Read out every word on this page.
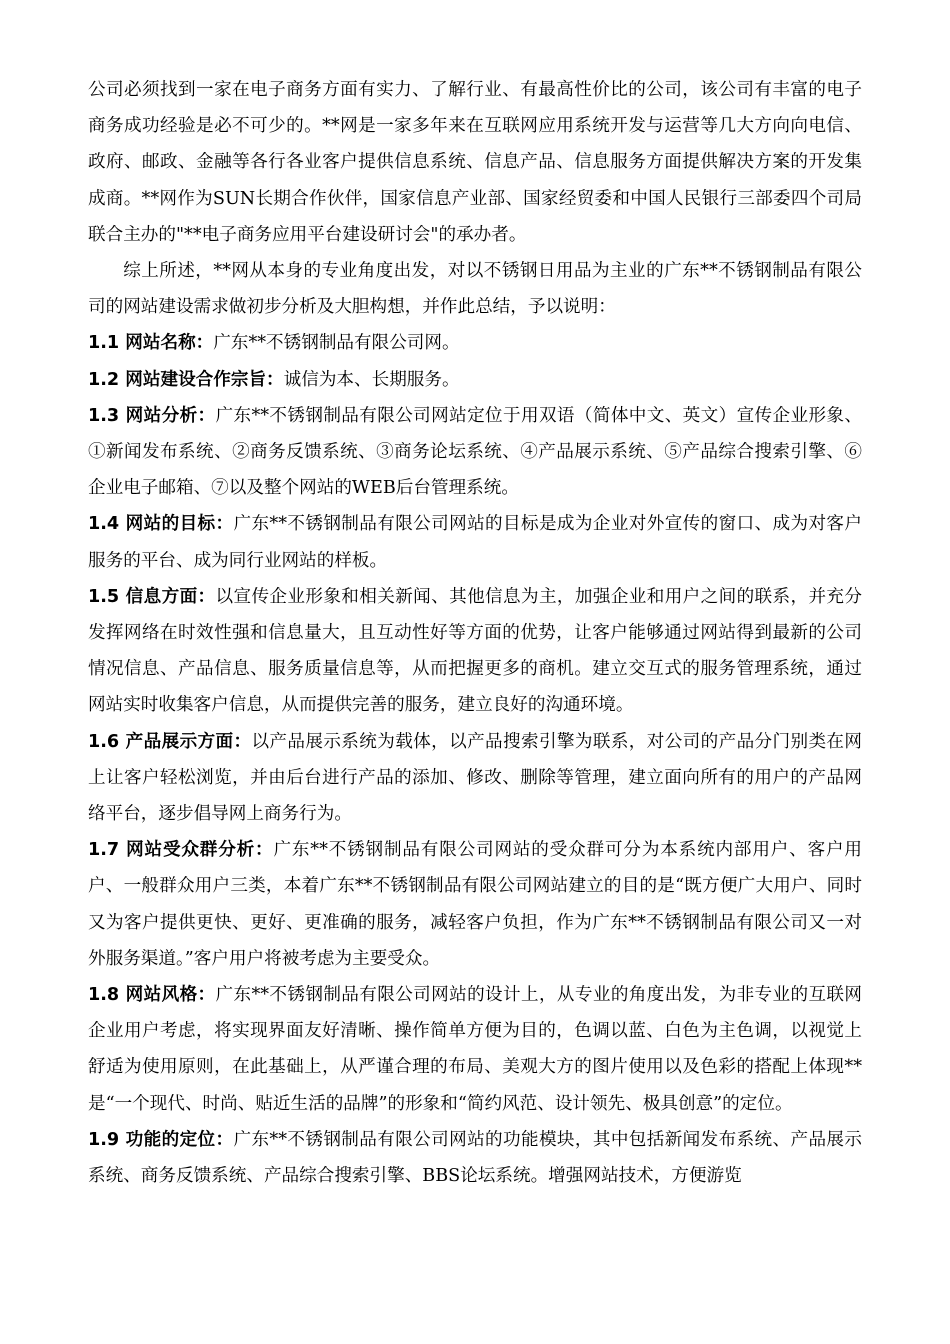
公司必须找到一家在电子商务方面有实力、了解行业、有最高性价比的公司，该公司有丰富的电子商务成功经验是必不可少的。**网是一家多年来在互联网应用系统开发与运营等几大方向向电信、政府、邮政、金融等各行各业客户提供信息系统、信息产品、信息服务方面提供解决方案的开发集成商。**网作为SUN长期合作伙伴，国家信息产业部、国家经贸委和中国人民银行三部委四个司局联合主办的"**电子商务应用平台建设研讨会"的承办者。

综上所述，**网从本身的专业角度出发，对以不锈钢日用品为主业的广东**不锈钢制品有限公司的网站建设需求做初步分析及大胆构想，并作此总结，予以说明：

1.1 网站名称：广东**不锈钢制品有限公司网。

1.2 网站建设合作宗旨：诚信为本、长期服务。

1.3 网站分析：广东**不锈钢制品有限公司网站定位于用双语（简体中文、英文）宣传企业形象、①新闻发布系统、②商务反馈系统、③商务论坛系统、④产品展示系统、⑤产品综合搜索引擎、⑥企业电子邮箱、⑦以及整个网站的WEB后台管理系统。

1.4 网站的目标：广东**不锈钢制品有限公司网站的目标是成为企业对外宣传的窗口、成为对客户服务的平台、成为同行业网站的样板。

1.5 信息方面：以宣传企业形象和相关新闻、其他信息为主，加强企业和用户之间的联系，并充分发挥网络在时效性强和信息量大，且互动性好等方面的优势，让客户能够通过网站得到最新的公司情况信息、产品信息、服务质量信息等，从而把握更多的商机。建立交互式的服务管理系统，通过网站实时收集客户信息，从而提供完善的服务，建立良好的沟通环境。

1.6 产品展示方面：以产品展示系统为载体，以产品搜索引擎为联系，对公司的产品分门别类在网上让客户轻松浏览，并由后台进行产品的添加、修改、删除等管理，建立面向所有的用户的产品网络平台，逐步倡导网上商务行为。

1.7 网站受众群分析：广东**不锈钢制品有限公司网站的受众群可分为本系统内部用户、客户用户、一般群众用户三类，本着广东**不锈钢制品有限公司网站建立的目的是“既方便广大用户、同时又为客户提供更快、更好、更准确的服务，减轻客户负担，作为广东**不锈钢制品有限公司又一对外服务渠道。”客户用户将被考虑为主要受众。

1.8 网站风格：广东**不锈钢制品有限公司网站的设计上，从专业的角度出发，为非专业的互联网企业用户考虑，将实现界面友好清晰、操作简单方便为目的，色调以蓝、白色为主色调，以视觉上舒适为使用原则，在此基础上，从严谨合理的布局、美观大方的图片使用以及色彩的搭配上体现**是“一个现代、时尚、贴近生活的品牌”的形象和“简约风范、设计领先、极具创意”的定位。

1.9 功能的定位：广东**不锈钢制品有限公司网站的功能模块，其中包括新闻发布系统、产品展示系统、商务反馈系统、产品综合搜索引擎、BBS论坛系统。增强网站技术，方便游览
